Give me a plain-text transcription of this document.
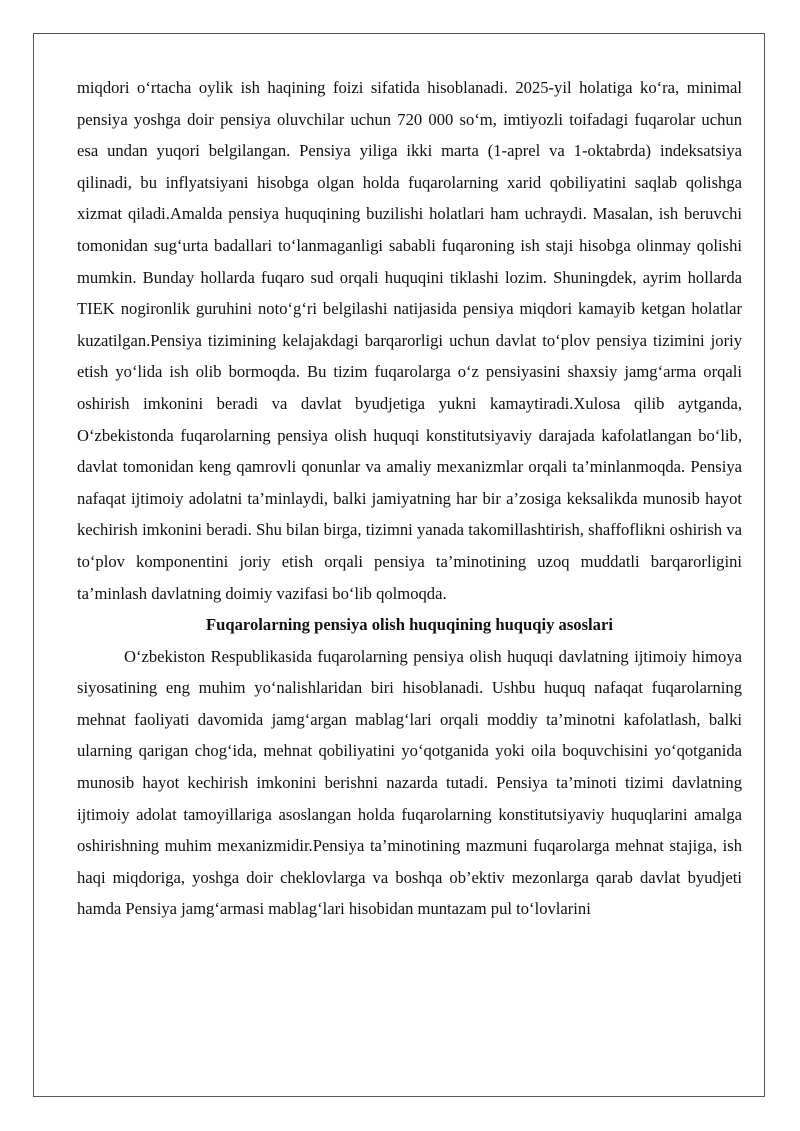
miqdori o‘rtacha oylik ish haqining foizi sifatida hisoblanadi. 2025-yil holatiga ko‘ra, minimal pensiya yoshga doir pensiya oluvchilar uchun 720 000 so‘m, imtiyozli toifadagi fuqarolar uchun esa undan yuqori belgilangan. Pensiya yiliga ikki marta (1-aprel va 1-oktabrda) indeksatsiya qilinadi, bu inflyatsiyani hisobga olgan holda fuqarolarning xarid qobiliyatini saqlab qolishga xizmat qiladi.Amalda pensiya huquqining buzilishi holatlari ham uchraydi. Masalan, ish beruvchi tomonidan sug‘urta badallari to‘lanmaganligi sababli fuqaroning ish staji hisobga olinmay qolishi mumkin. Bunday hollarda fuqaro sud orqali huquqini tiklashi lozim. Shuningdek, ayrim hollarda TIEK nogironlik guruhini noto‘g‘ri belgilashi natijasida pensiya miqdori kamayib ketgan holatlar kuzatilgan.Pensiya tizimining kelajakdagi barqarorligi uchun davlat to‘plov pensiya tizimini joriy etish yo‘lida ish olib bormoqda. Bu tizim fuqarolarga o‘z pensiyasini shaxsiy jamg‘arma orqali oshirish imkonini beradi va davlat byudjetiga yukni kamaytiradi.Xulosa qilib aytganda, O‘zbekistonda fuqarolarning pensiya olish huquqi konstitutsiyaviy darajada kafolatlangan bo‘lib, davlat tomonidan keng qamrovli qonunlar va amaliy mexanizmlar orqali ta’minlanmoqda. Pensiya nafaqat ijtimoiy adolatni ta’minlaydi, balki jamiyatning har bir a’zosiga keksalikda munosib hayot kechirish imkonini beradi. Shu bilan birga, tizimni yanada takomillashtirish, shaffoflikni oshirish va to‘plov komponentini joriy etish orqali pensiya ta’minotining uzoq muddatli barqarorligini ta’minlash davlatning doimiy vazifasi bo‘lib qolmoqda.

Fuqarolarning pensiya olish huquqining huquqiy asoslari

O‘zbekiston Respublikasida fuqarolarning pensiya olish huquqi davlatning ijtimoiy himoya siyosatining eng muhim yo‘nalishlaridan biri hisoblanadi. Ushbu huquq nafaqat fuqarolarning mehnat faoliyati davomida jamg‘argan mablag‘lari orqali moddiy ta’minotni kafolatlash, balki ularning qarigan chog‘ida, mehnat qobiliyatini yo‘qotganida yoki oila boquvchisini yo‘qotganida munosib hayot kechirish imkonini berishni nazarda tutadi. Pensiya ta’minoti tizimi davlatning ijtimoiy adolat tamoyillariga asoslangan holda fuqarolarning konstitutsiyaviy huquqlarini amalga oshirishning muhim mexanizmidir.Pensiya ta’minotining mazmuni fuqarolarga mehnat stajiga, ish haqi miqdoriga, yoshga doir cheklovlarga va boshqa ob’ektiv mezonlarga qarab davlat byudjeti hamda Pensiya jamg‘armasi mablag‘lari hisobidan muntazam pul to‘lovlarini
